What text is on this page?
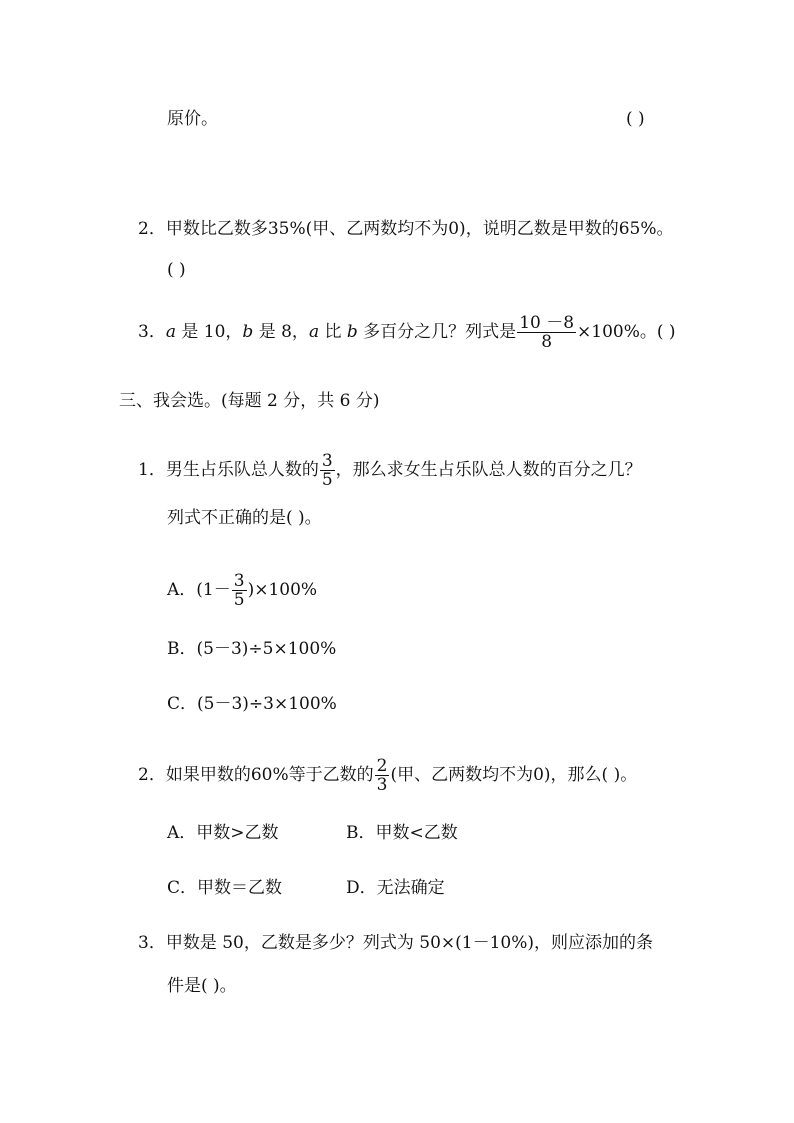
原价。	( )
2．甲数比乙数多35%(甲、乙两数均不为0)，说明乙数是甲数的65%。
( )
3．a 是 10，b 是 8，a 比 b 多百分之几？列式是 $\frac{10 -8}{8} \times 100\%$。( )
三、我会选。(每题 2 分，共 6 分)
1．男生占乐队总人数的 $\frac{3}{5}$ ，那么求女生占乐队总人数的百分之几？
列式不正确的是( )。
A．$(1- \frac{3}{5} )\times 100\%$
B．(5－3)÷5×100%
C．(5－3)÷3×100%
2．如果甲数的60%等于乙数的 $\frac{2}{3}$ (甲、乙两数均不为0)，那么( )。
A．甲数>乙数	B．甲数<乙数
C．甲数＝乙数	D．无法确定
3．甲数是 50，乙数是多少？列式为 50×(1－10%)，则应添加的条
件是( )。
